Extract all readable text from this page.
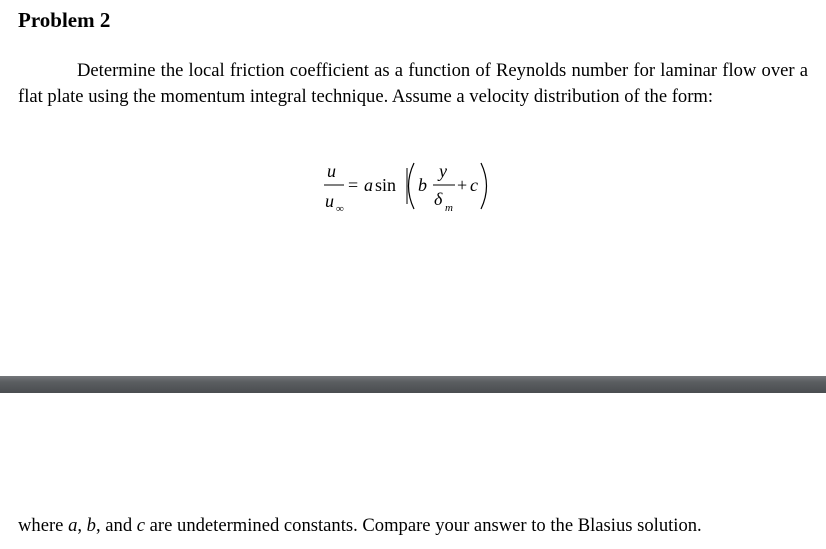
Problem 2

Determine the local friction coefficient as a function of Reynolds number for laminar flow over a flat plate using the momentum integral technique. Assume a velocity distribution of the form:

u
u ∞
= a sin b
y
δ m
+ c

where a, b, and c are undetermined constants. Compare your answer to the Blasius solution.
